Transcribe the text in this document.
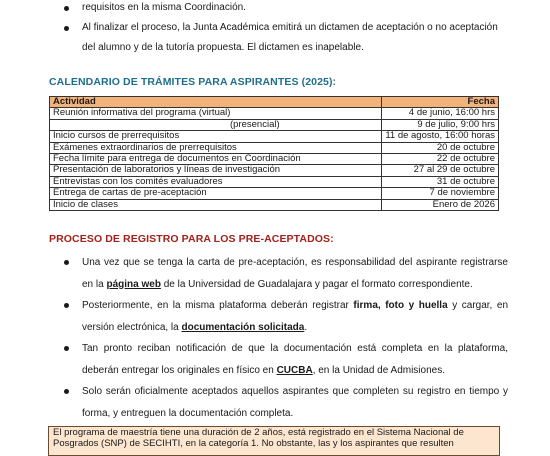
requisitos en la misma Coordinación.
Al finalizar el proceso, la Junta Académica emitirá un dictamen de aceptación o no aceptación del alumno y de la tutoría propuesta. El dictamen es inapelable.
CALENDARIO DE TRÁMITES PARA ASPIRANTES (2025):
Actividad	Fecha
Reunión informativa del programa (virtual)	4 de junio, 16:00 hrs
(presencial)	9 de julio, 9:00 hrs
Inicio cursos de prerrequisitos	11 de agosto, 16:00 horas
Exámenes extraordinarios de prerrequisitos	20 de octubre
Fecha límite para entrega de documentos en Coordinación	22 de octubre
Presentación de laboratorios y líneas de investigación	27 al 29 de octubre
Entrevistas con los comités evaluadores	31 de octubre
Entrega de cartas de pre-aceptación	7 de noviembre
Inicio de clases	Enero de 2026
PROCESO DE REGISTRO PARA LOS PRE-ACEPTADOS:
Una vez que se tenga la carta de pre-aceptación, es responsabilidad del aspirante registrarse en la página web de la Universidad de Guadalajara y pagar el formato correspondiente.
Posteriormente, en la misma plataforma deberán registrar firma, foto y huella y cargar, en versión electrónica, la documentación solicitada.
Tan pronto reciban notificación de que la documentación está completa en la plataforma, deberán entregar los originales en físico en CUCBA, en la Unidad de Admisiones.
Solo serán oficialmente aceptados aquellos aspirantes que completen su registro en tiempo y forma, y entreguen la documentación completa.
El programa de maestría tiene una duración de 2 años, está registrado en el Sistema Nacional de Posgrados (SNP) de SECIHTI, en la categoría 1. No obstante, las y los aspirantes que resulten
